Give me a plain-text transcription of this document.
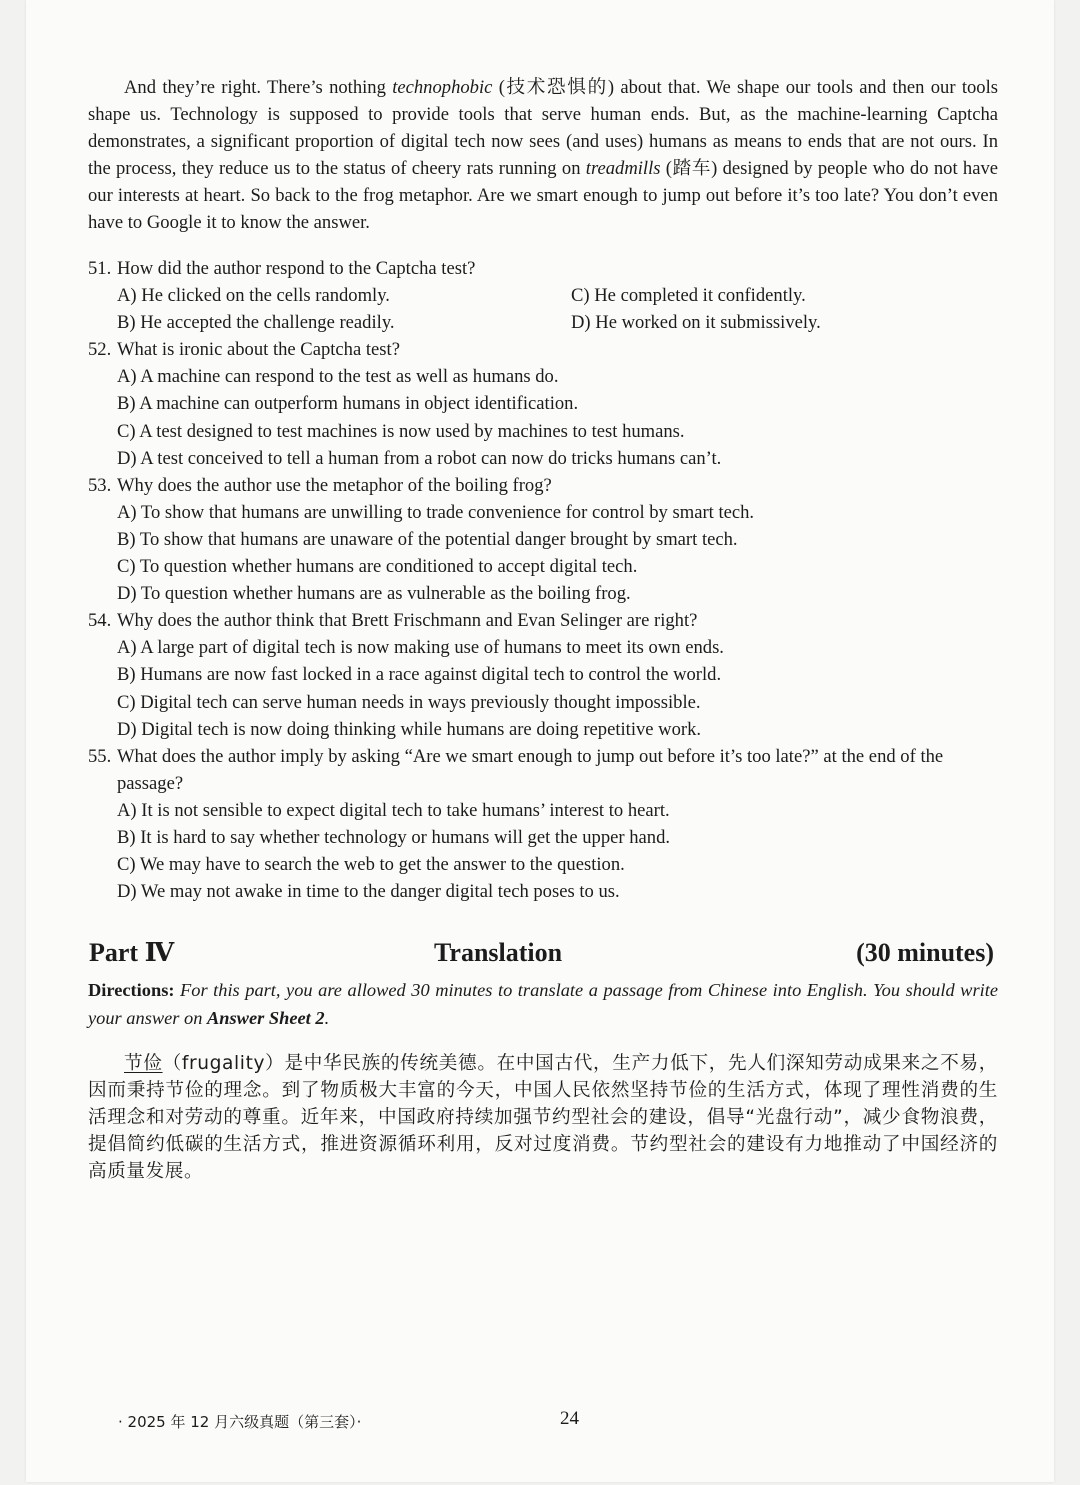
And they’re right. There’s nothing technophobic (技术恐惧的) about that. We shape our tools and then our tools shape us. Technology is supposed to provide tools that serve human ends. But, as the machine-learning Captcha demonstrates, a significant proportion of digital tech now sees (and uses) humans as means to ends that are not ours. In the process, they reduce us to the status of cheery rats running on treadmills (踏车) designed by people who do not have our interests at heart. So back to the frog metaphor. Are we smart enough to jump out before it’s too late? You don’t even have to Google it to know the answer.

51. How did the author respond to the Captcha test?
A) He clicked on the cells randomly.	C) He completed it confidently.
B) He accepted the challenge readily.	D) He worked on it submissively.
52. What is ironic about the Captcha test?
A) A machine can respond to the test as well as humans do.
B) A machine can outperform humans in object identification.
C) A test designed to test machines is now used by machines to test humans.
D) A test conceived to tell a human from a robot can now do tricks humans can’t.
53. Why does the author use the metaphor of the boiling frog?
A) To show that humans are unwilling to trade convenience for control by smart tech.
B) To show that humans are unaware of the potential danger brought by smart tech.
C) To question whether humans are conditioned to accept digital tech.
D) To question whether humans are as vulnerable as the boiling frog.
54. Why does the author think that Brett Frischmann and Evan Selinger are right?
A) A large part of digital tech is now making use of humans to meet its own ends.
B) Humans are now fast locked in a race against digital tech to control the world.
C) Digital tech can serve human needs in ways previously thought impossible.
D) Digital tech is now doing thinking while humans are doing repetitive work.
55. What does the author imply by asking “Are we smart enough to jump out before it’s too late?” at the end of the passage?
A) It is not sensible to expect digital tech to take humans’ interest to heart.
B) It is hard to say whether technology or humans will get the upper hand.
C) We may have to search the web to get the answer to the question.
D) We may not awake in time to the danger digital tech poses to us.
Part Ⅳ	Translation	(30 minutes)
Directions: For this part, you are allowed 30 minutes to translate a passage from Chinese into English. You should write your answer on Answer Sheet 2.
节俭（frugality）是中华民族的传统美德。在中国古代，生产力低下，先人们深知劳动成果来之不易，因而秉持节俭的理念。到了物质极大丰富的今天，中国人民依然坚持节俭的生活方式，体现了理性消费的生活理念和对劳动的尊重。近年来，中国政府持续加强节约型社会的建设，倡导“光盘行动”，减少食物浪费，提倡简约低碳的生活方式，推进资源循环利用，反对过度消费。节约型社会的建设有力地推动了中国经济的高质量发展。
· 2025 年 12 月六级真题（第三套）·	24
